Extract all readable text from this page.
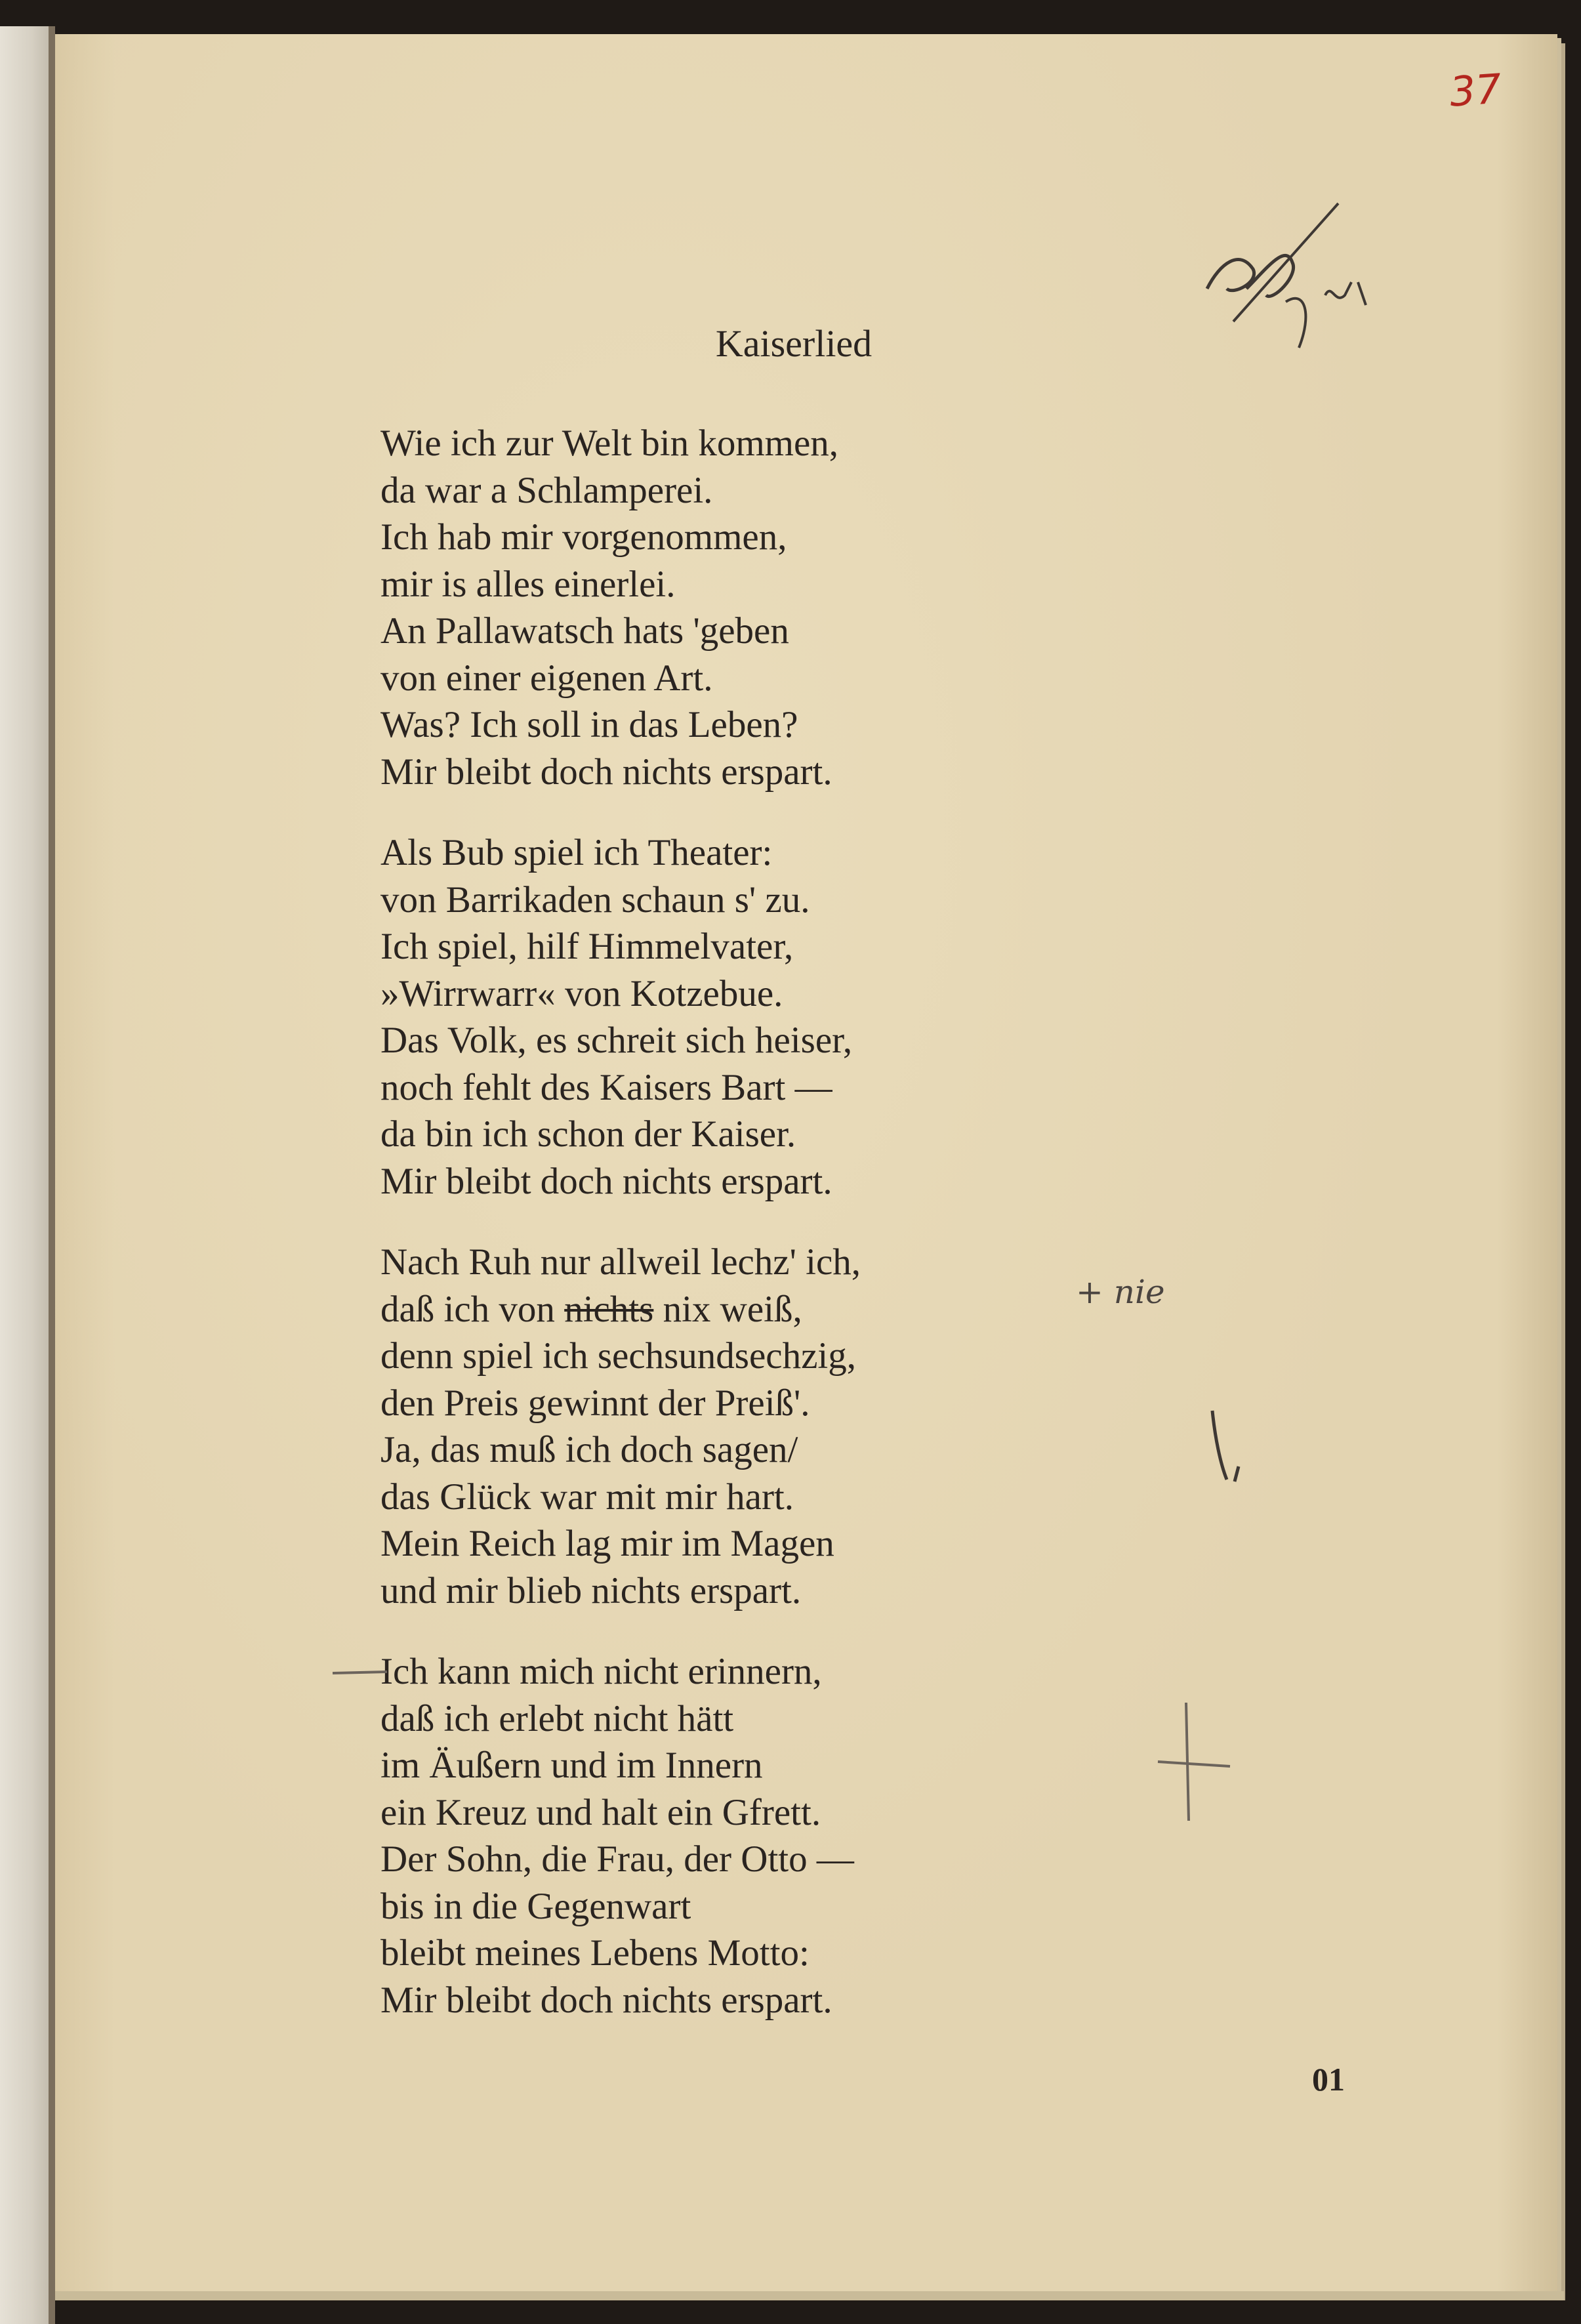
37
Kaiserlied
Wie ich zur Welt bin kommen,
da war a Schlamperei.
Ich hab mir vorgenommen,
mir is alles einerlei.
An Pallawatsch hats 'geben
von einer eigenen Art.
Was? Ich soll in das Leben?
Mir bleibt doch nichts erspart.
Als Bub spiel ich Theater:
von Barrikaden schaun s' zu.
Ich spiel, hilf Himmelvater,
»Wirrwarr« von Kotzebue.
Das Volk, es schreit sich heiser,
noch fehlt des Kaisers Bart —
da bin ich schon der Kaiser.
Mir bleibt doch nichts erspart.
Nach Ruh nur allweil lechz' ich,
daß ich von nichts nix weiß,
denn spiel ich sechsundsechzig,
den Preis gewinnt der Preiß'.
Ja, das muß ich doch sagen/
das Glück war mit mir hart.
Mein Reich lag mir im Magen
und mir blieb nichts erspart.
Ich kann mich nicht erinnern,
daß ich erlebt nicht hätt
im Äußern und im Innern
ein Kreuz und halt ein Gfrett.
Der Sohn, die Frau, der Otto —
bis in die Gegenwart
bleibt meines Lebens Motto:
Mir bleibt doch nichts erspart.
+ nie
01
